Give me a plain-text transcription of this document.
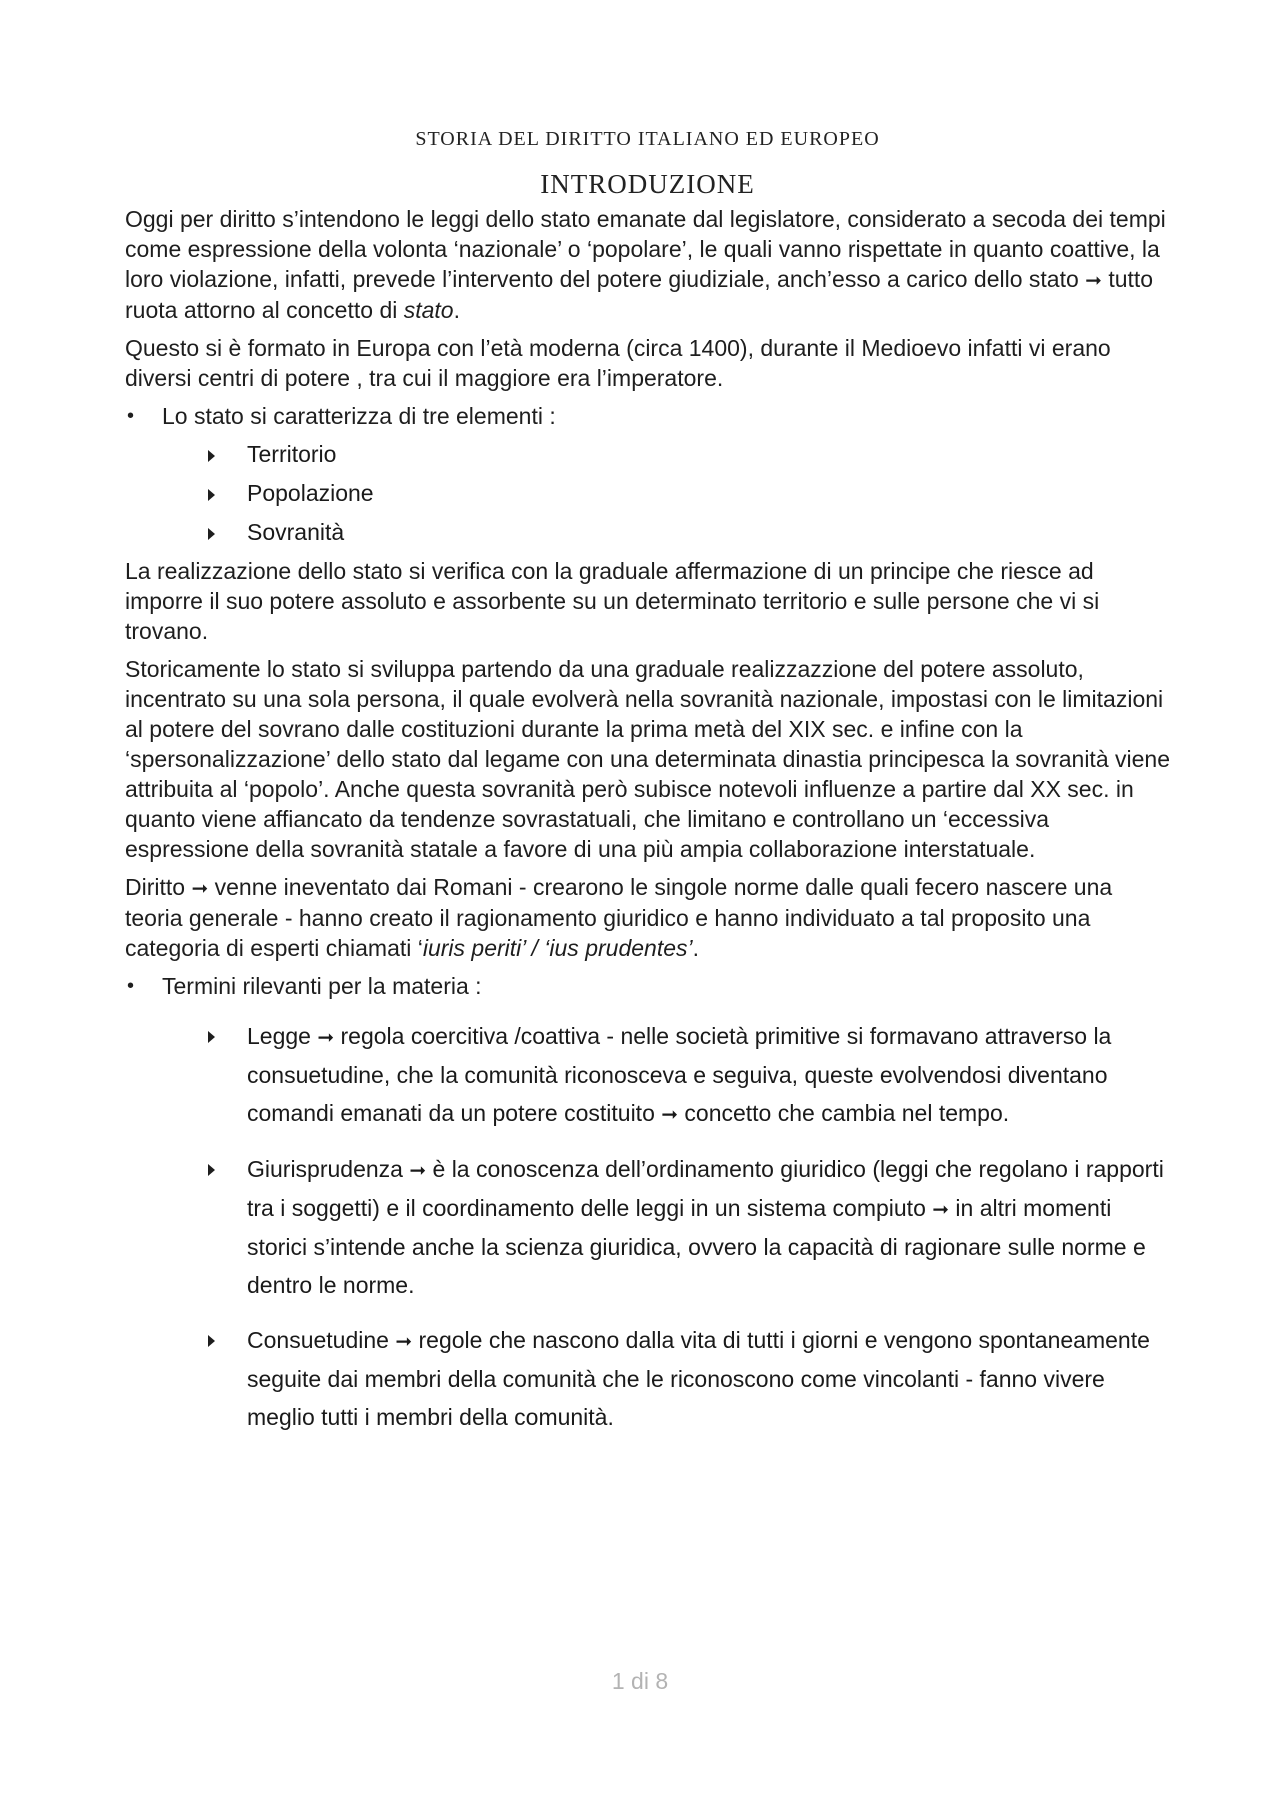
STORIA DEL DIRITTO ITALIANO ED EUROPEO
INTRODUZIONE

Oggi per diritto s’intendono le leggi dello stato emanate dal legislatore, considerato a secoda dei tempi come espressione della volonta ‘nazionale’ o ‘popolare’, le quali vanno rispettate in quanto coattive, la loro violazione, infatti, prevede l’intervento del potere giudiziale, anch’esso a carico dello stato ➞ tutto ruota attorno al concetto di stato.

Questo si è formato in Europa con l’età moderna (circa 1400), durante il Medioevo infatti vi erano diversi centri di potere , tra cui il maggiore era l’imperatore.

• Lo stato si caratterizza di tre elementi :
Territorio
Popolazione
Sovranità

La realizzazione dello stato si verifica con la graduale affermazione di un principe che riesce ad imporre il suo potere assoluto e assorbente su un determinato territorio e sulle persone che vi si trovano.

Storicamente lo stato si sviluppa partendo da una graduale realizzazzione del potere assoluto, incentrato su una sola persona, il quale evolverà nella sovranità nazionale, impostasi con le limitazioni al potere del sovrano dalle costituzioni durante la prima metà del XIX sec. e infine con la ‘spersonalizzazione’ dello stato dal legame con una determinata dinastia principesca la sovranità viene attribuita al ‘popolo’. Anche questa sovranità però subisce notevoli influenze a partire dal XX sec. in quanto viene affiancato da tendenze sovrastatuali, che limitano e controllano un ‘eccessiva espressione della sovranità statale a favore di una più ampia collaborazione interstatuale.

Diritto ➞ venne ineventato dai Romani - crearono le singole norme dalle quali fecero nascere una teoria generale - hanno creato il ragionamento giuridico e hanno individuato a tal proposito una categoria di esperti chiamati ‘iuris periti’ / ‘ius prudentes’.

• Termini rilevanti per la materia :
Legge ➞ regola coercitiva /coattiva - nelle società primitive si formavano attraverso la consuetudine, che la comunità riconosceva e seguiva, queste evolvendosi diventano comandi emanati da un potere costituito ➞ concetto che cambia nel tempo.
Giurisprudenza ➞ è la conoscenza dell’ordinamento giuridico (leggi che regolano i rapporti tra i soggetti) e il coordinamento delle leggi in un sistema compiuto ➞ in altri momenti storici s’intende anche la scienza giuridica, ovvero la capacità di ragionare sulle norme e dentro le norme.
Consuetudine ➞ regole che nascono dalla vita di tutti i giorni e vengono spontaneamente seguite dai membri della comunità che le riconoscono come vincolanti - fanno vivere meglio tutti i membri della comunità.
1 di 8
